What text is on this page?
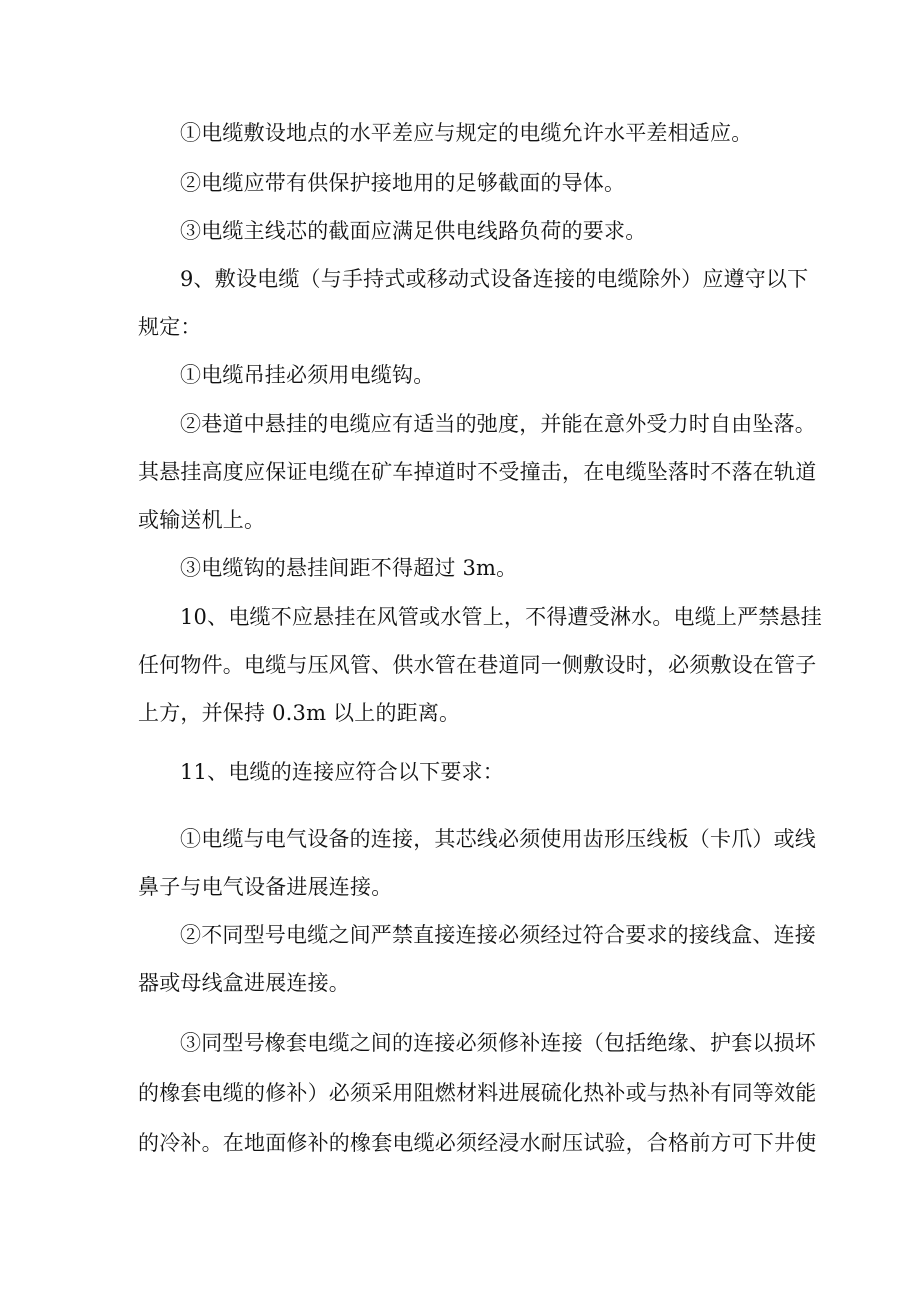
①电缆敷设地点的水平差应与规定的电缆允许水平差相适应。
②电缆应带有供保护接地用的足够截面的导体。
③电缆主线芯的截面应满足供电线路负荷的要求。
9、敷设电缆（与手持式或移动式设备连接的电缆除外）应遵守以下
规定：
①电缆吊挂必须用电缆钩。
②巷道中悬挂的电缆应有适当的弛度，并能在意外受力时自由坠落。
其悬挂高度应保证电缆在矿车掉道时不受撞击，在电缆坠落时不落在轨道
或输送机上。
③电缆钩的悬挂间距不得超过 3m。
10、电缆不应悬挂在风管或水管上，不得遭受淋水。电缆上严禁悬挂
任何物件。电缆与压风管、供水管在巷道同一侧敷设时，必须敷设在管子
上方，并保持 0.3m 以上的距离。
11、电缆的连接应符合以下要求：
①电缆与电气设备的连接，其芯线必须使用齿形压线板（卡爪）或线
鼻子与电气设备进展连接。
②不同型号电缆之间严禁直接连接必须经过符合要求的接线盒、连接
器或母线盒进展连接。
③同型号橡套电缆之间的连接必须修补连接（包括绝缘、护套以损坏
的橡套电缆的修补）必须采用阻燃材料进展硫化热补或与热补有同等效能
的冷补。在地面修补的橡套电缆必须经浸水耐压试验，合格前方可下井使
